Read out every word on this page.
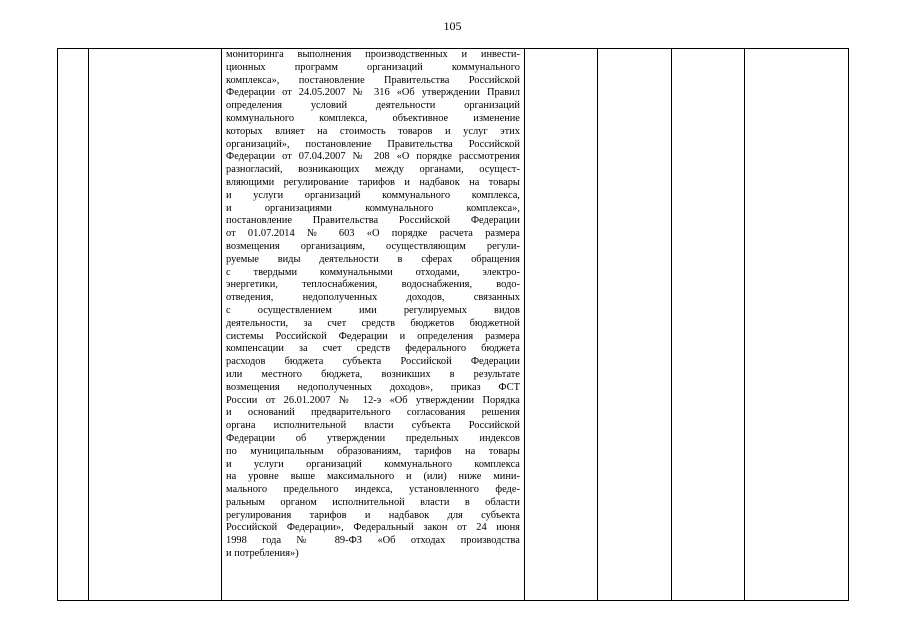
105

мониторинга выполнения производственных и инвести-
ционных программ организаций коммунального
комплекса», постановление Правительства Российской
Федерации от 24.05.2007 № 316 «Об утверждении Правил
определения условий деятельности организаций
коммунального комплекса, объективное изменение
которых влияет на стоимость товаров и услуг этих
организаций», постановление Правительства Российской
Федерации от 07.04.2007 № 208 «О порядке рассмотрения
разногласий, возникающих между органами, осущест-
вляющими регулирование тарифов и надбавок на товары
и услуги организаций коммунального комплекса,
и организациями коммунального комплекса»,
постановление Правительства Российской Федерации
от 01.07.2014 № 603 «О порядке расчета размера
возмещения организациям, осуществляющим регули-
руемые виды деятельности в сферах обращения
с твердыми коммунальными отходами, электро-
энергетики, теплоснабжения, водоснабжения, водо-
отведения, недополученных доходов, связанных
с осуществлением ими регулируемых видов
деятельности, за счет средств бюджетов бюджетной
системы Российской Федерации и определения размера
компенсации за счет средств федерального бюджета
расходов бюджета субъекта Российской Федерации
или местного бюджета, возникших в результате
возмещения недополученных доходов», приказ ФСТ
России от 26.01.2007 № 12-э «Об утверждении Порядка
и оснований предварительного согласования решения
органа исполнительной власти субъекта Российской
Федерации об утверждении предельных индексов
по муниципальным образованиям, тарифов на товары
и услуги организаций коммунального комплекса
на уровне выше максимального и (или) ниже мини-
мального предельного индекса, установленного феде-
ральным органом исполнительной власти в области
регулирования тарифов и надбавок для субъекта
Российской Федерации», Федеральный закон от 24 июня
1998 года № 89-ФЗ «Об отходах производства
и потребления»)
